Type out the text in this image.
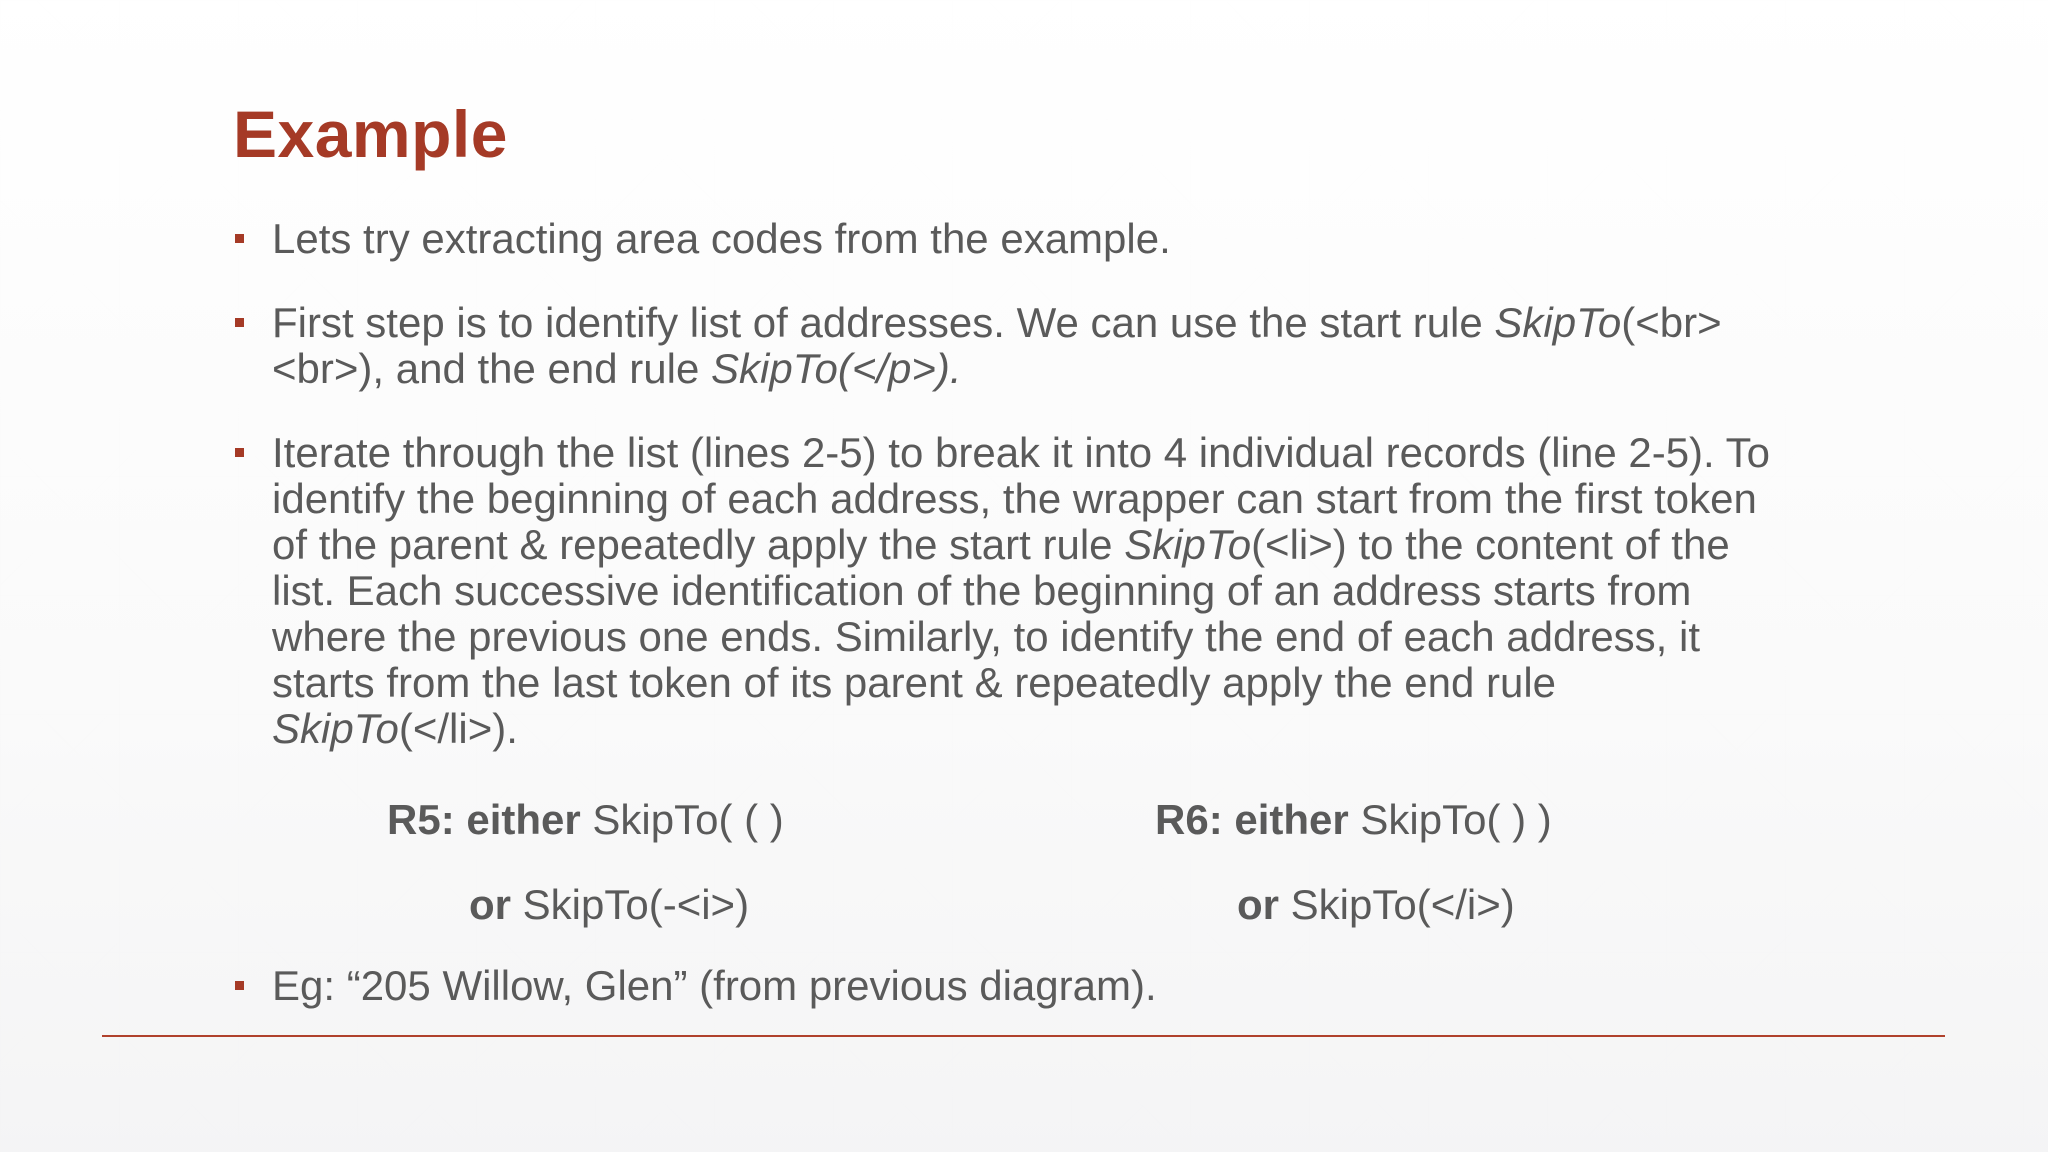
Example
Lets try extracting area codes from the example.
First step is to identify list of addresses. We can use the start rule SkipTo(<br><br>), and the end rule SkipTo(</p>).
Iterate through the list (lines 2-5) to break it into 4 individual records (line 2-5). To identify the beginning of each address, the wrapper can start from the first token of the parent & repeatedly apply the start rule SkipTo(<li>) to the content of the list. Each successive identification of the beginning of an address starts from where the previous one ends. Similarly, to identify the end of each address, it starts from the last token of its parent & repeatedly apply the end rule SkipTo(</li>).
R5: either SkipTo( ( )
or SkipTo(-<i>)
R6: either SkipTo( ) )
or SkipTo(</i>)
Eg: “205 Willow, Glen” (from previous diagram).
